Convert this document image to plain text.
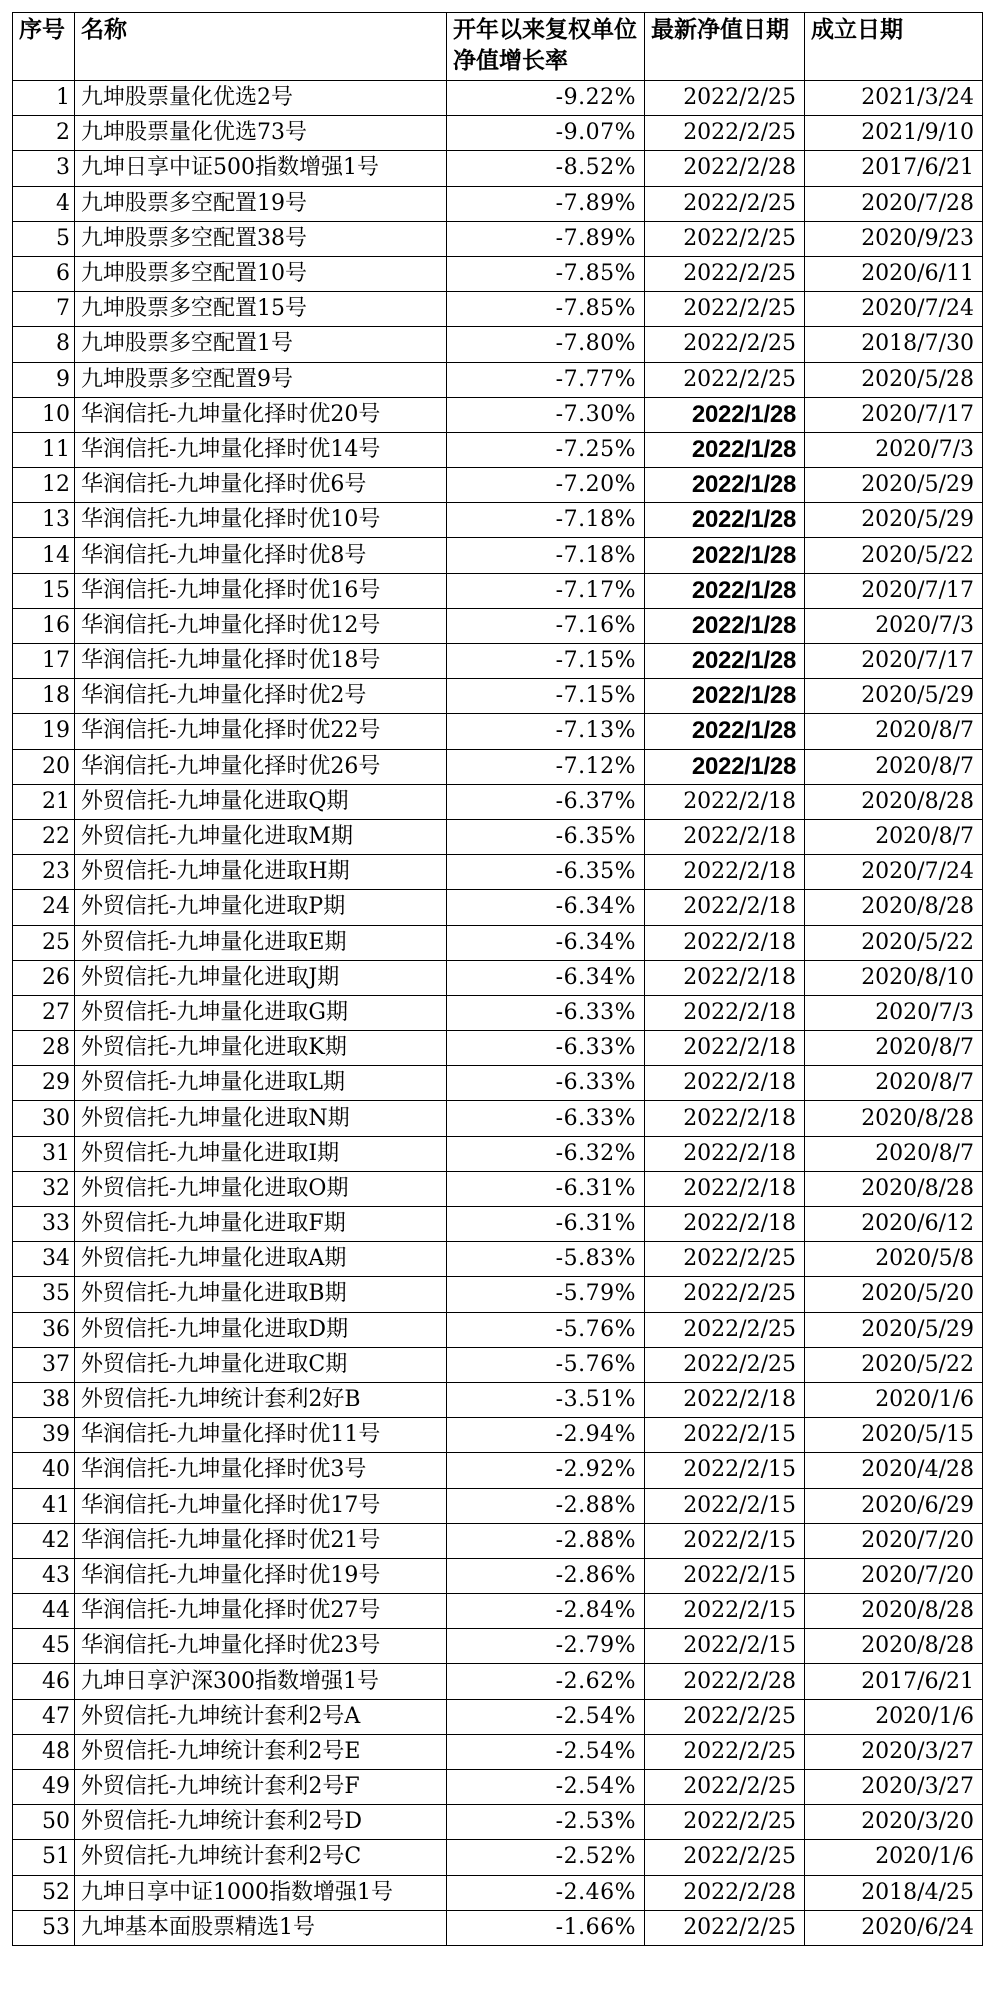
序号	名称	开年以来复权单位净值增长率	最新净值日期	成立日期
1	九坤股票量化优选2号	-9.22%	2022/2/25	2021/3/24
2	九坤股票量化优选73号	-9.07%	2022/2/25	2021/9/10
3	九坤日享中证500指数增强1号	-8.52%	2022/2/28	2017/6/21
4	九坤股票多空配置19号	-7.89%	2022/2/25	2020/7/28
5	九坤股票多空配置38号	-7.89%	2022/2/25	2020/9/23
6	九坤股票多空配置10号	-7.85%	2022/2/25	2020/6/11
7	九坤股票多空配置15号	-7.85%	2022/2/25	2020/7/24
8	九坤股票多空配置1号	-7.80%	2022/2/25	2018/7/30
9	九坤股票多空配置9号	-7.77%	2022/2/25	2020/5/28
10	华润信托-九坤量化择时优20号	-7.30%	2022/1/28	2020/7/17
11	华润信托-九坤量化择时优14号	-7.25%	2022/1/28	2020/7/3
12	华润信托-九坤量化择时优6号	-7.20%	2022/1/28	2020/5/29
13	华润信托-九坤量化择时优10号	-7.18%	2022/1/28	2020/5/29
14	华润信托-九坤量化择时优8号	-7.18%	2022/1/28	2020/5/22
15	华润信托-九坤量化择时优16号	-7.17%	2022/1/28	2020/7/17
16	华润信托-九坤量化择时优12号	-7.16%	2022/1/28	2020/7/3
17	华润信托-九坤量化择时优18号	-7.15%	2022/1/28	2020/7/17
18	华润信托-九坤量化择时优2号	-7.15%	2022/1/28	2020/5/29
19	华润信托-九坤量化择时优22号	-7.13%	2022/1/28	2020/8/7
20	华润信托-九坤量化择时优26号	-7.12%	2022/1/28	2020/8/7
21	外贸信托-九坤量化进取Q期	-6.37%	2022/2/18	2020/8/28
22	外贸信托-九坤量化进取M期	-6.35%	2022/2/18	2020/8/7
23	外贸信托-九坤量化进取H期	-6.35%	2022/2/18	2020/7/24
24	外贸信托-九坤量化进取P期	-6.34%	2022/2/18	2020/8/28
25	外贸信托-九坤量化进取E期	-6.34%	2022/2/18	2020/5/22
26	外贸信托-九坤量化进取J期	-6.34%	2022/2/18	2020/8/10
27	外贸信托-九坤量化进取G期	-6.33%	2022/2/18	2020/7/3
28	外贸信托-九坤量化进取K期	-6.33%	2022/2/18	2020/8/7
29	外贸信托-九坤量化进取L期	-6.33%	2022/2/18	2020/8/7
30	外贸信托-九坤量化进取N期	-6.33%	2022/2/18	2020/8/28
31	外贸信托-九坤量化进取I期	-6.32%	2022/2/18	2020/8/7
32	外贸信托-九坤量化进取O期	-6.31%	2022/2/18	2020/8/28
33	外贸信托-九坤量化进取F期	-6.31%	2022/2/18	2020/6/12
34	外贸信托-九坤量化进取A期	-5.83%	2022/2/25	2020/5/8
35	外贸信托-九坤量化进取B期	-5.79%	2022/2/25	2020/5/20
36	外贸信托-九坤量化进取D期	-5.76%	2022/2/25	2020/5/29
37	外贸信托-九坤量化进取C期	-5.76%	2022/2/25	2020/5/22
38	外贸信托-九坤统计套利2好B	-3.51%	2022/2/18	2020/1/6
39	华润信托-九坤量化择时优11号	-2.94%	2022/2/15	2020/5/15
40	华润信托-九坤量化择时优3号	-2.92%	2022/2/15	2020/4/28
41	华润信托-九坤量化择时优17号	-2.88%	2022/2/15	2020/6/29
42	华润信托-九坤量化择时优21号	-2.88%	2022/2/15	2020/7/20
43	华润信托-九坤量化择时优19号	-2.86%	2022/2/15	2020/7/20
44	华润信托-九坤量化择时优27号	-2.84%	2022/2/15	2020/8/28
45	华润信托-九坤量化择时优23号	-2.79%	2022/2/15	2020/8/28
46	九坤日享沪深300指数增强1号	-2.62%	2022/2/28	2017/6/21
47	外贸信托-九坤统计套利2号A	-2.54%	2022/2/25	2020/1/6
48	外贸信托-九坤统计套利2号E	-2.54%	2022/2/25	2020/3/27
49	外贸信托-九坤统计套利2号F	-2.54%	2022/2/25	2020/3/27
50	外贸信托-九坤统计套利2号D	-2.53%	2022/2/25	2020/3/20
51	外贸信托-九坤统计套利2号C	-2.52%	2022/2/25	2020/1/6
52	九坤日享中证1000指数增强1号	-2.46%	2022/2/28	2018/4/25
53	九坤基本面股票精选1号	-1.66%	2022/2/25	2020/6/24
